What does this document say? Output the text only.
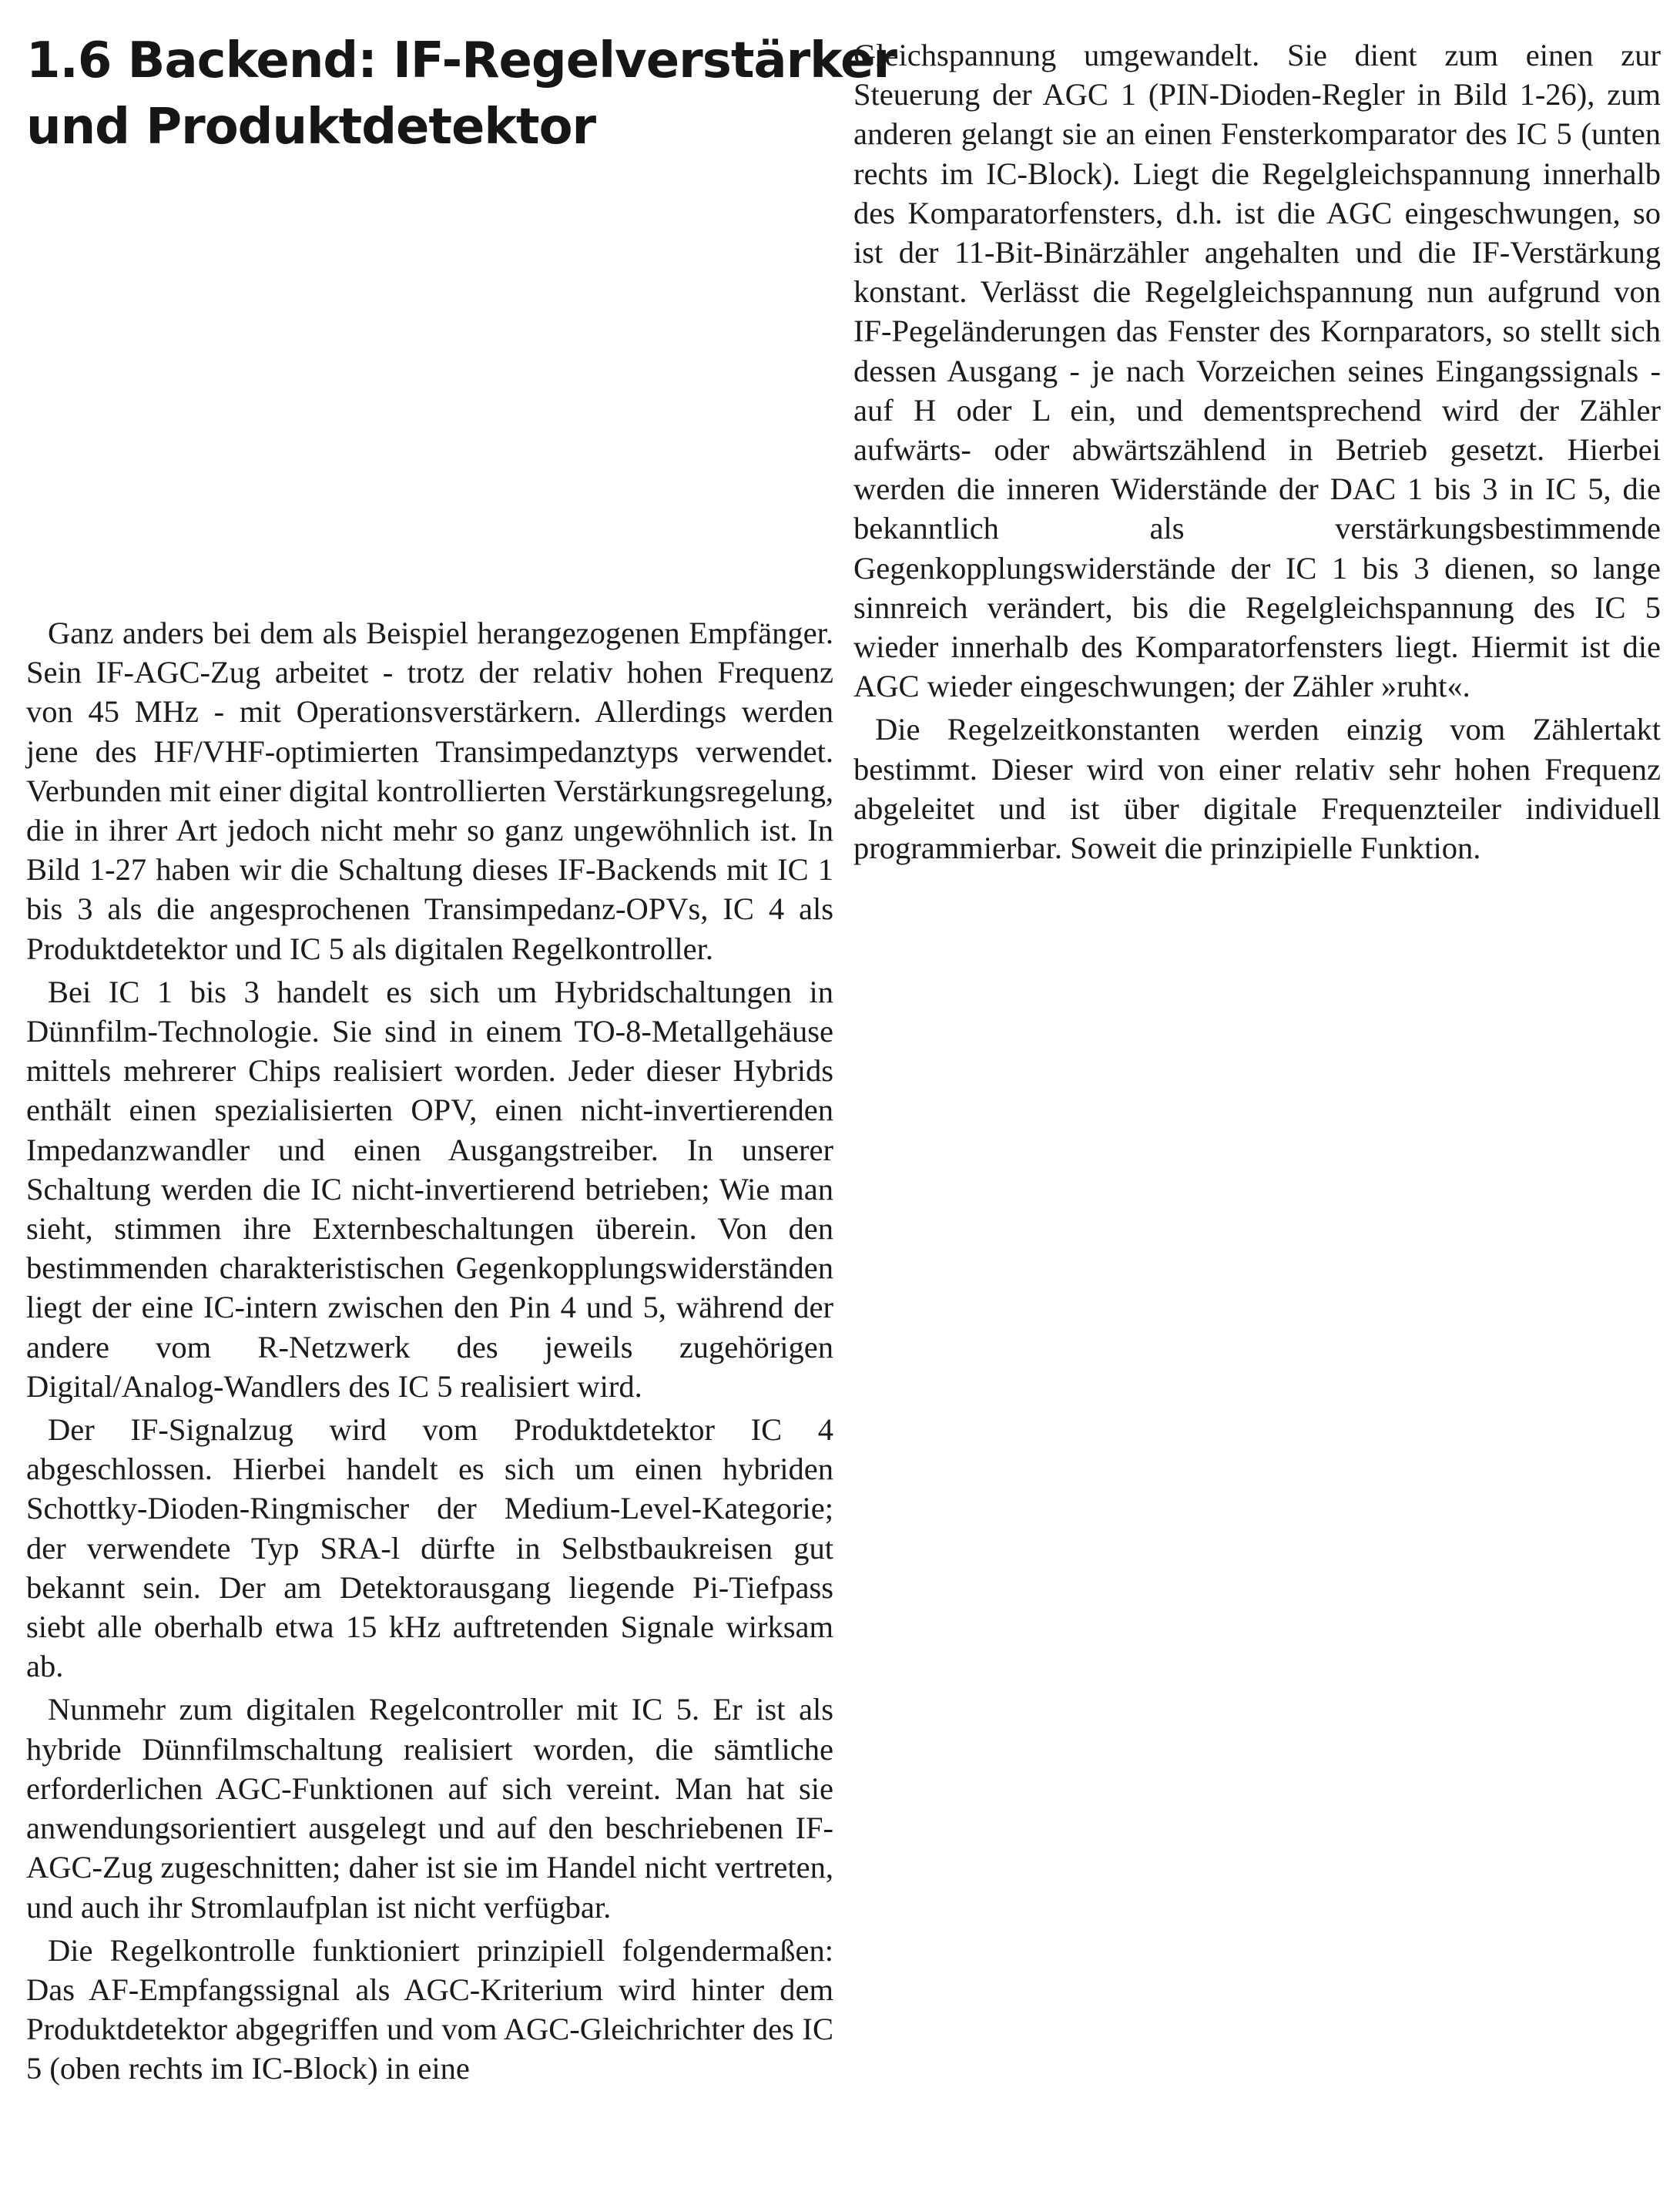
1.6 Backend: IF-Regelverstärker
und Produktdetektor

Ganz anders bei dem als Beispiel herangezogenen Empfänger. Sein IF-AGC-Zug arbeitet - trotz der relativ hohen Frequenz von 45 MHz - mit Operationsverstärkern. Allerdings werden jene des HF/VHF-optimierten Transimpedanztyps verwendet. Verbunden mit einer digital kontrollierten Verstärkungsregelung, die in ihrer Art jedoch nicht mehr so ganz ungewöhnlich ist. In Bild 1-27 haben wir die Schaltung dieses IF-Backends mit IC 1 bis 3 als die angesprochenen Transimpedanz-OPVs, IC 4 als Produktdetektor und IC 5 als digitalen Regelkontroller.

Bei IC 1 bis 3 handelt es sich um Hybridschaltungen in Dünnfilm-Technologie. Sie sind in einem TO-8-Metallgehäuse mittels mehrerer Chips realisiert worden. Jeder dieser Hybrids enthält einen spezialisierten OPV, einen nicht-invertierenden Impedanzwandler und einen Ausgangstreiber. In unserer Schaltung werden die IC nicht-invertierend betrieben; Wie man sieht, stimmen ihre Externbeschaltungen überein. Von den bestimmenden charakteristischen Gegenkopplungswiderständen liegt der eine IC-intern zwischen den Pin 4 und 5, während der andere vom R-Netzwerk des jeweils zugehörigen Digital/Analog-Wandlers des IC 5 realisiert wird.

Der IF-Signalzug wird vom Produktdetektor IC 4 abgeschlossen. Hierbei handelt es sich um einen hybriden Schottky-Dioden-Ringmischer der Medium-Level-Kategorie; der verwendete Typ SRA-l dürfte in Selbstbaukreisen gut bekannt sein. Der am Detektorausgang liegende Pi-Tiefpass siebt alle oberhalb etwa 15 kHz auftretenden Signale wirksam ab.

Nunmehr zum digitalen Regelcontroller mit IC 5. Er ist als hybride Dünnfilmschaltung realisiert worden, die sämtliche erforderlichen AGC-Funktionen auf sich vereint. Man hat sie anwendungsorientiert ausgelegt und auf den beschriebenen IF-AGC-Zug zugeschnitten; daher ist sie im Handel nicht vertreten, und auch ihr Stromlaufplan ist nicht verfügbar.

Die Regelkontrolle funktioniert prinzipiell folgendermaßen: Das AF-Empfangssignal als AGC-Kriterium wird hinter dem Produktdetektor abgegriffen und vom AGC-Gleichrichter des IC 5 (oben rechts im IC-Block) in eine

Gleichspannung umgewandelt. Sie dient zum einen zur Steuerung der AGC 1 (PIN-Dioden-Regler in Bild 1-26), zum anderen gelangt sie an einen Fensterkomparator des IC 5 (unten rechts im IC-Block). Liegt die Regelgleichspannung innerhalb des Komparatorfensters, d.h. ist die AGC eingeschwungen, so ist der 11-Bit-Binärzähler angehalten und die IF-Verstärkung konstant. Verlässt die Regelgleichspannung nun aufgrund von IF-Pegeländerungen das Fenster des Kornparators, so stellt sich dessen Ausgang - je nach Vorzeichen seines Eingangssignals - auf H oder L ein, und dementsprechend wird der Zähler aufwärts- oder abwärtszählend in Betrieb gesetzt. Hierbei werden die inneren Widerstände der DAC 1 bis 3 in IC 5, die bekanntlich als verstärkungsbestimmende Gegenkopplungswiderstände der IC 1 bis 3 dienen, so lange sinnreich verändert, bis die Regelgleichspannung des IC 5 wieder innerhalb des Komparatorfensters liegt. Hiermit ist die AGC wieder eingeschwungen; der Zähler »ruht«.

Die Regelzeitkonstanten werden einzig vom Zählertakt bestimmt. Dieser wird von einer relativ sehr hohen Frequenz abgeleitet und ist über digitale Frequenzteiler individuell programmierbar. Soweit die prinzipielle Funktion.
